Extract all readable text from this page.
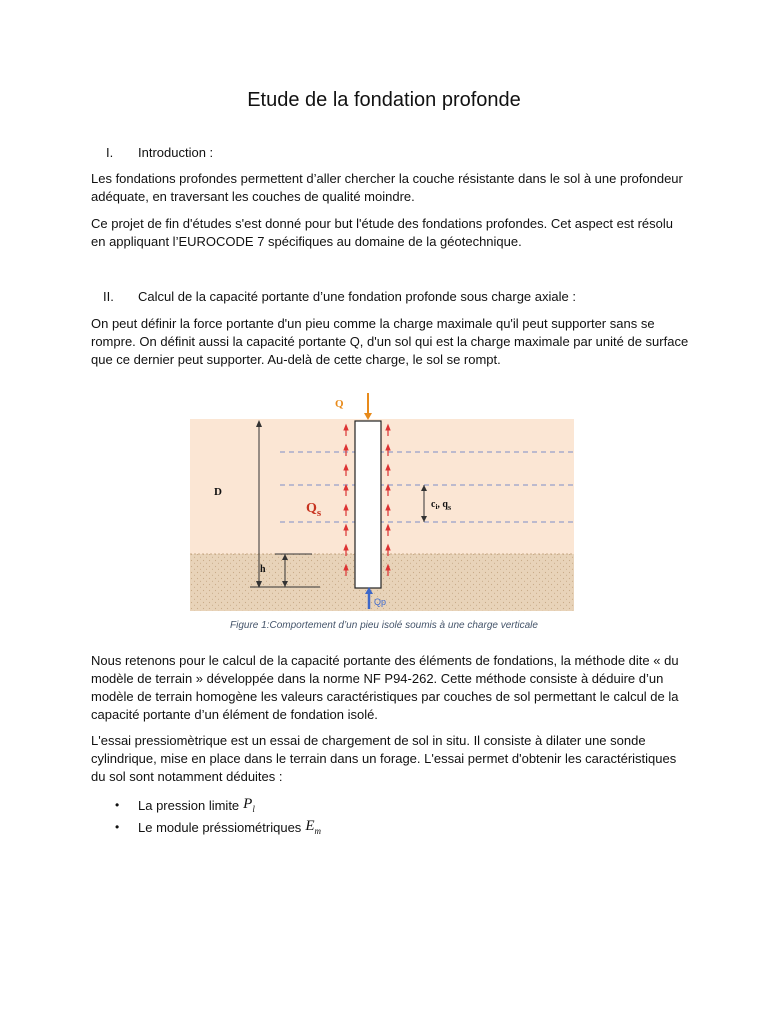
Etude de la fondation profonde
I.	Introduction :

Les fondations profondes permettent d’aller chercher la couche résistante dans le sol à une profondeur adéquate, en traversant les couches de qualité moindre.

Ce projet de fin d'études s'est donné pour but l'étude des fondations profondes. Cet aspect est résolu en appliquant l’EUROCODE 7 spécifiques au domaine de la géotechnique.

II.	Calcul de la capacité portante d’une fondation profonde sous charge axiale :

On peut définir la force portante d'un pieu comme la charge maximale qu'il peut supporter sans se rompre. On définit aussi la capacité portante Q, d'un sol qui est la charge maximale par unité de surface que ce dernier peut supporter. Au-delà de cette charge, le sol se rompt.

D
h
Q
$Q_s$
$c_i$, $q_s$
Qp

Figure 1:Comportement d’un pieu isolé soumis à une charge verticale

Nous retenons pour le calcul de la capacité portante des éléments de fondations, la méthode dite « du modèle de terrain » développée dans la norme NF P94-262. Cette méthode consiste à déduire d’un modèle de terrain homogène les valeurs caractéristiques par couches de sol permettant le calcul de la capacité portante d’un élément de fondation isolé.

L'essai pressiomètrique est un essai de chargement de sol in situ. Il consiste à dilater une sonde cylindrique, mise en place dans le terrain dans un forage. L'essai permet d'obtenir les caractéristiques du sol sont notamment déduites :

•	La pression limite $P_l$
•	Le module préssiométriques $E_m$
